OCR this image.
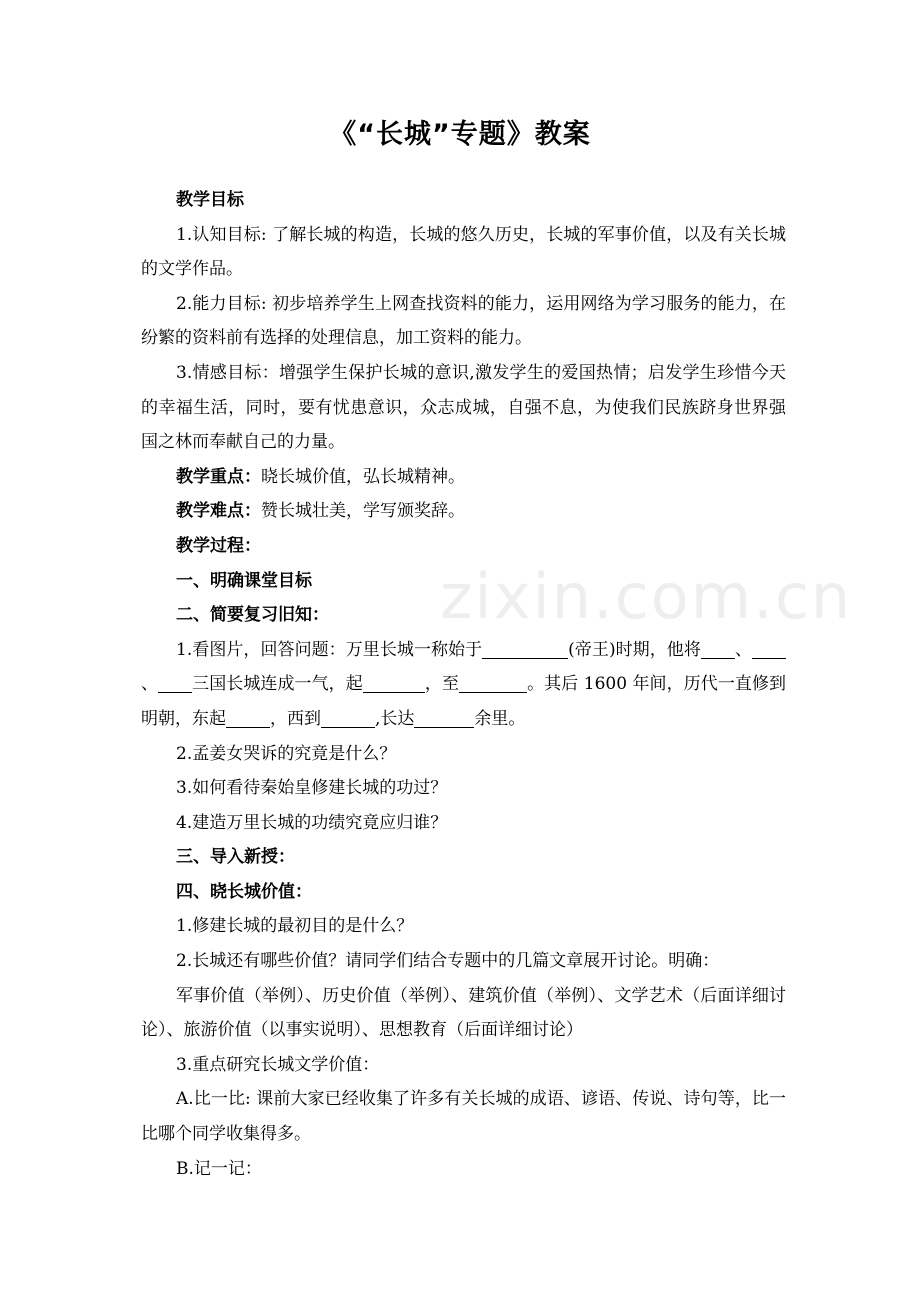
zixin.com.cn
《“长城”专题》教案

教学目标

1.认知目标: 了解长城的构造，长城的悠久历史，长城的军事价值，以及有关长城的文学作品。

2.能力目标: 初步培养学生上网查找资料的能力，运用网络为学习服务的能力，在纷繁的资料前有选择的处理信息，加工资料的能力。

3.情感目标：增强学生保护长城的意识,激发学生的爱国热情；启发学生珍惜今天的幸福生活，同时，要有忧患意识，众志成城，自强不息，为使我们民族跻身世界强国之林而奉献自己的力量。

教学重点：晓长城价值，弘长城精神。

教学难点：赞长城壮美，学写颁奖辞。

教学过程：

一、明确课堂目标

二、简要复习旧知：

1.看图片，回答问题：万里长城一称始于	(帝王)时期，他将 、、 三国长城连成一气，起	，至	。其后 1600 年间，历代一直修到明朝，东起	，西到	,长达	余里。

2.孟姜女哭诉的究竟是什么？

3.如何看待秦始皇修建长城的功过？

4.建造万里长城的功绩究竟应归谁？

三、导入新授：

四、晓长城价值：

1.修建长城的最初目的是什么？

2.长城还有哪些价值？请同学们结合专题中的几篇文章展开讨论。明确：

军事价值（举例）、历史价值（举例）、建筑价值（举例）、文学艺术（后面详细讨论）、旅游价值（以事实说明）、思想教育（后面详细讨论）

3.重点研究长城文学价值：

A.比一比: 课前大家已经收集了许多有关长城的成语、谚语、传说、诗句等，比一比哪个同学收集得多。

B.记一记：
